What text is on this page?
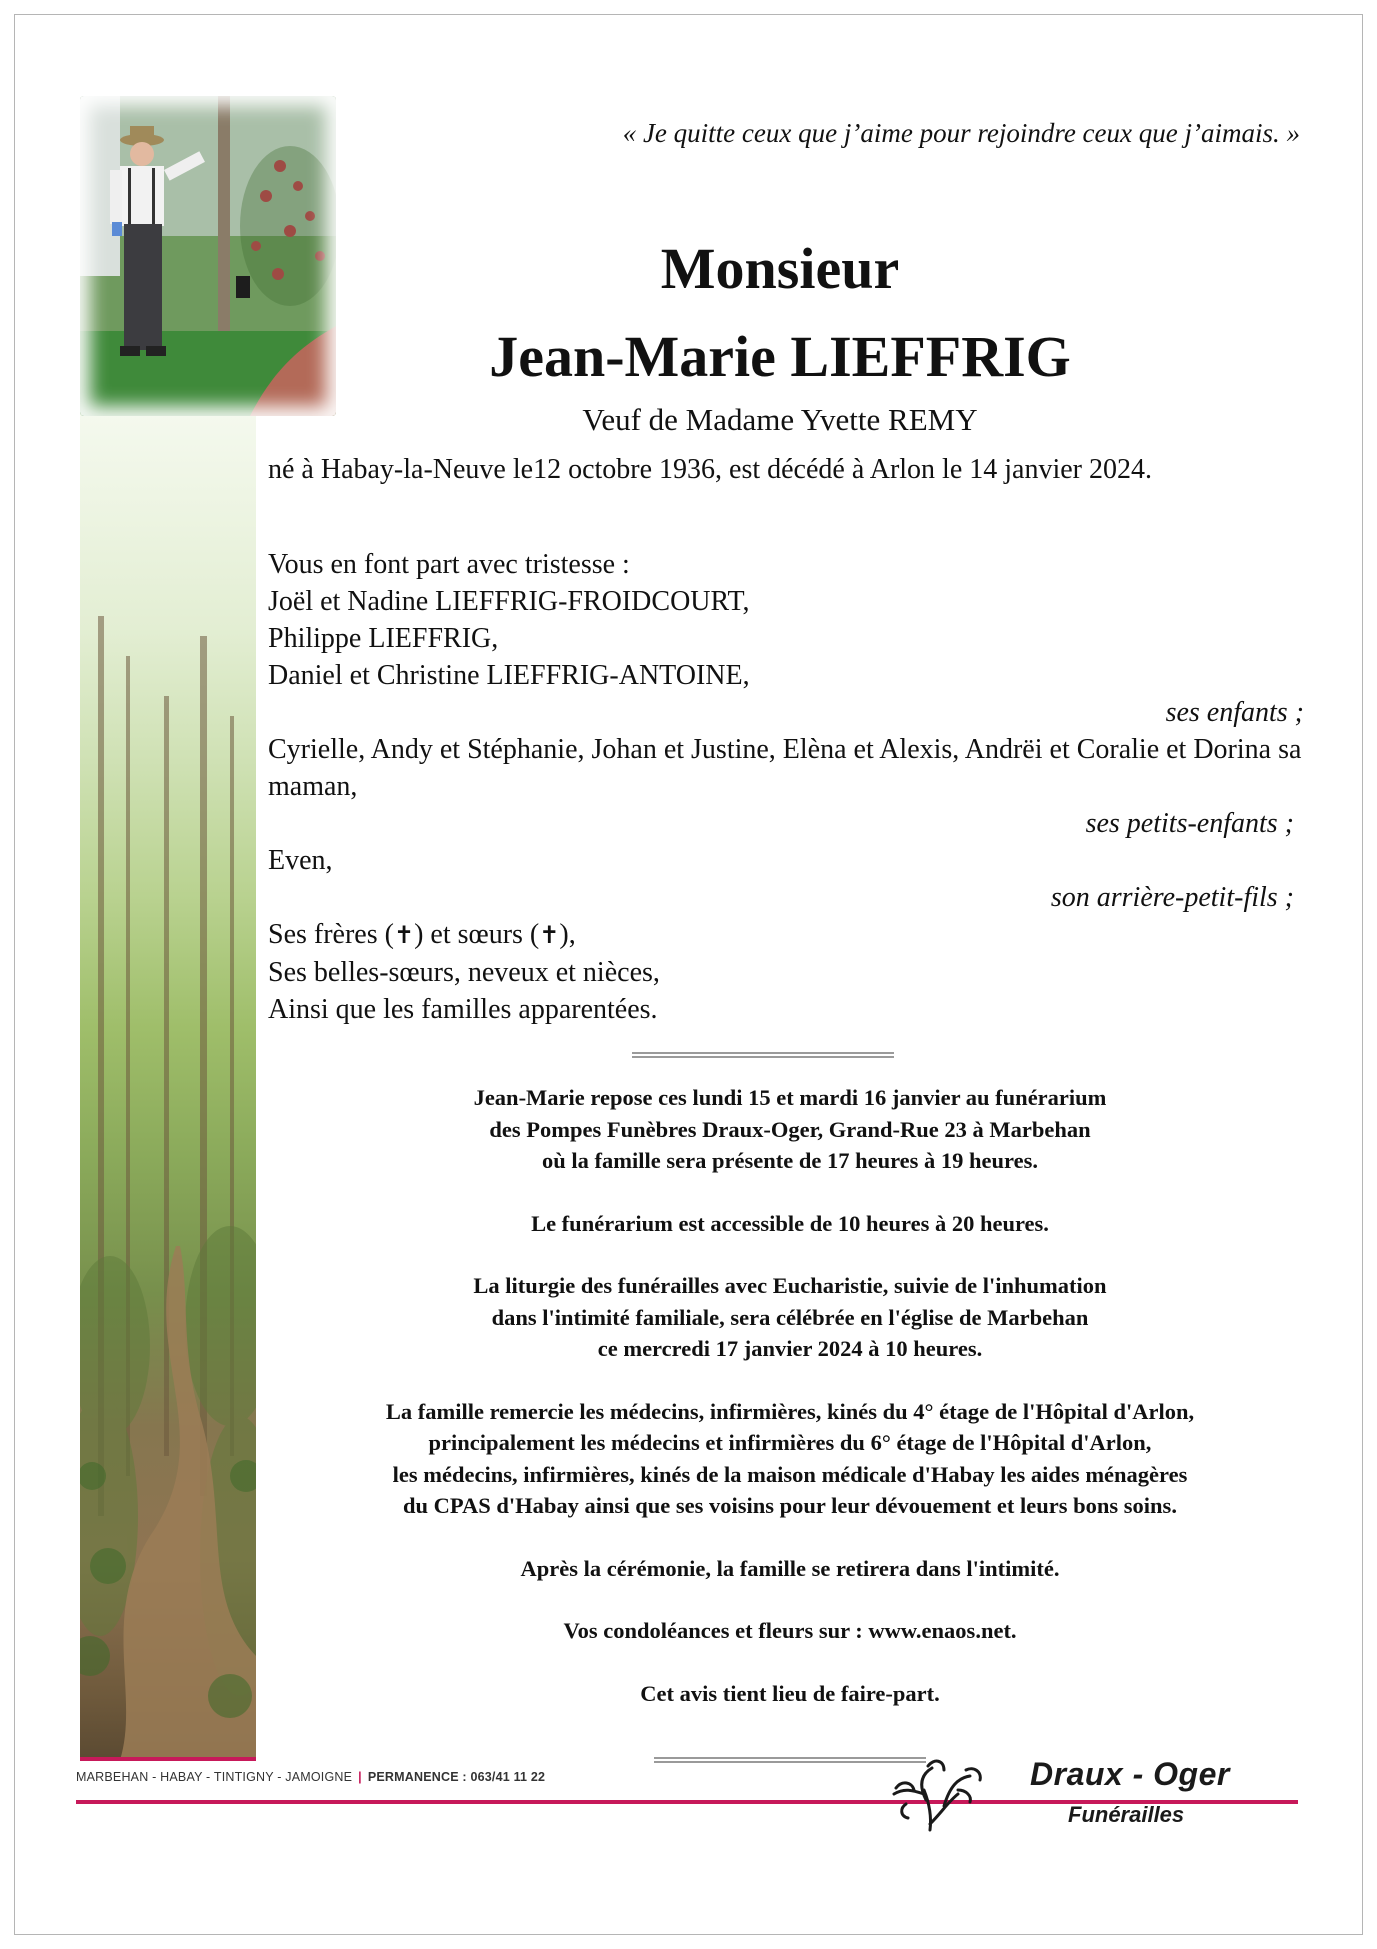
« Je quitte ceux que j’aime pour rejoindre ceux que j’aimais. »
Monsieur
Jean-Marie LIEFFRIG
Veuf de Madame Yvette REMY
né à Habay-la-Neuve le12 octobre 1936, est décédé à Arlon le 14 janvier 2024.
Vous en font part avec tristesse :
Joël et Nadine LIEFFRIG-FROIDCOURT,
Philippe LIEFFRIG,
Daniel et Christine LIEFFRIG-ANTOINE,
ses enfants ;
Cyrielle, Andy et Stéphanie, Johan et Justine, Elèna et Alexis, Andrëi et Coralie et Dorina sa maman,
ses petits-enfants ;
Even,
son arrière-petit-fils ;
Ses frères (✝) et sœurs (✝),
Ses belles-sœurs, neveux et nièces,
Ainsi que les familles apparentées.

Jean-Marie repose ces lundi 15 et mardi 16 janvier au funérarium
des Pompes Funèbres Draux-Oger, Grand-Rue 23 à Marbehan
où la famille sera présente de 17 heures à 19 heures.

Le funérarium est accessible de 10 heures à 20 heures.

La liturgie des funérailles avec Eucharistie, suivie de l'inhumation
dans l'intimité familiale, sera célébrée en l'église de Marbehan
ce mercredi 17 janvier 2024 à 10 heures.

La famille remercie les médecins, infirmières, kinés du 4° étage de l'Hôpital d'Arlon,
principalement les médecins et infirmières du 6° étage de l'Hôpital d'Arlon,
les médecins, infirmières, kinés de la maison médicale d'Habay les aides ménagères
du CPAS d'Habay ainsi que ses voisins pour leur dévouement et leurs bons soins.

Après la cérémonie, la famille se retirera dans l'intimité.

Vos condoléances et fleurs sur : www.enaos.net.

Cet avis tient lieu de faire-part.

MARBEHAN - HABAY - TINTIGNY - JAMOIGNE | PERMANENCE : 063/41 11 22	Draux - Oger
Funérailles
